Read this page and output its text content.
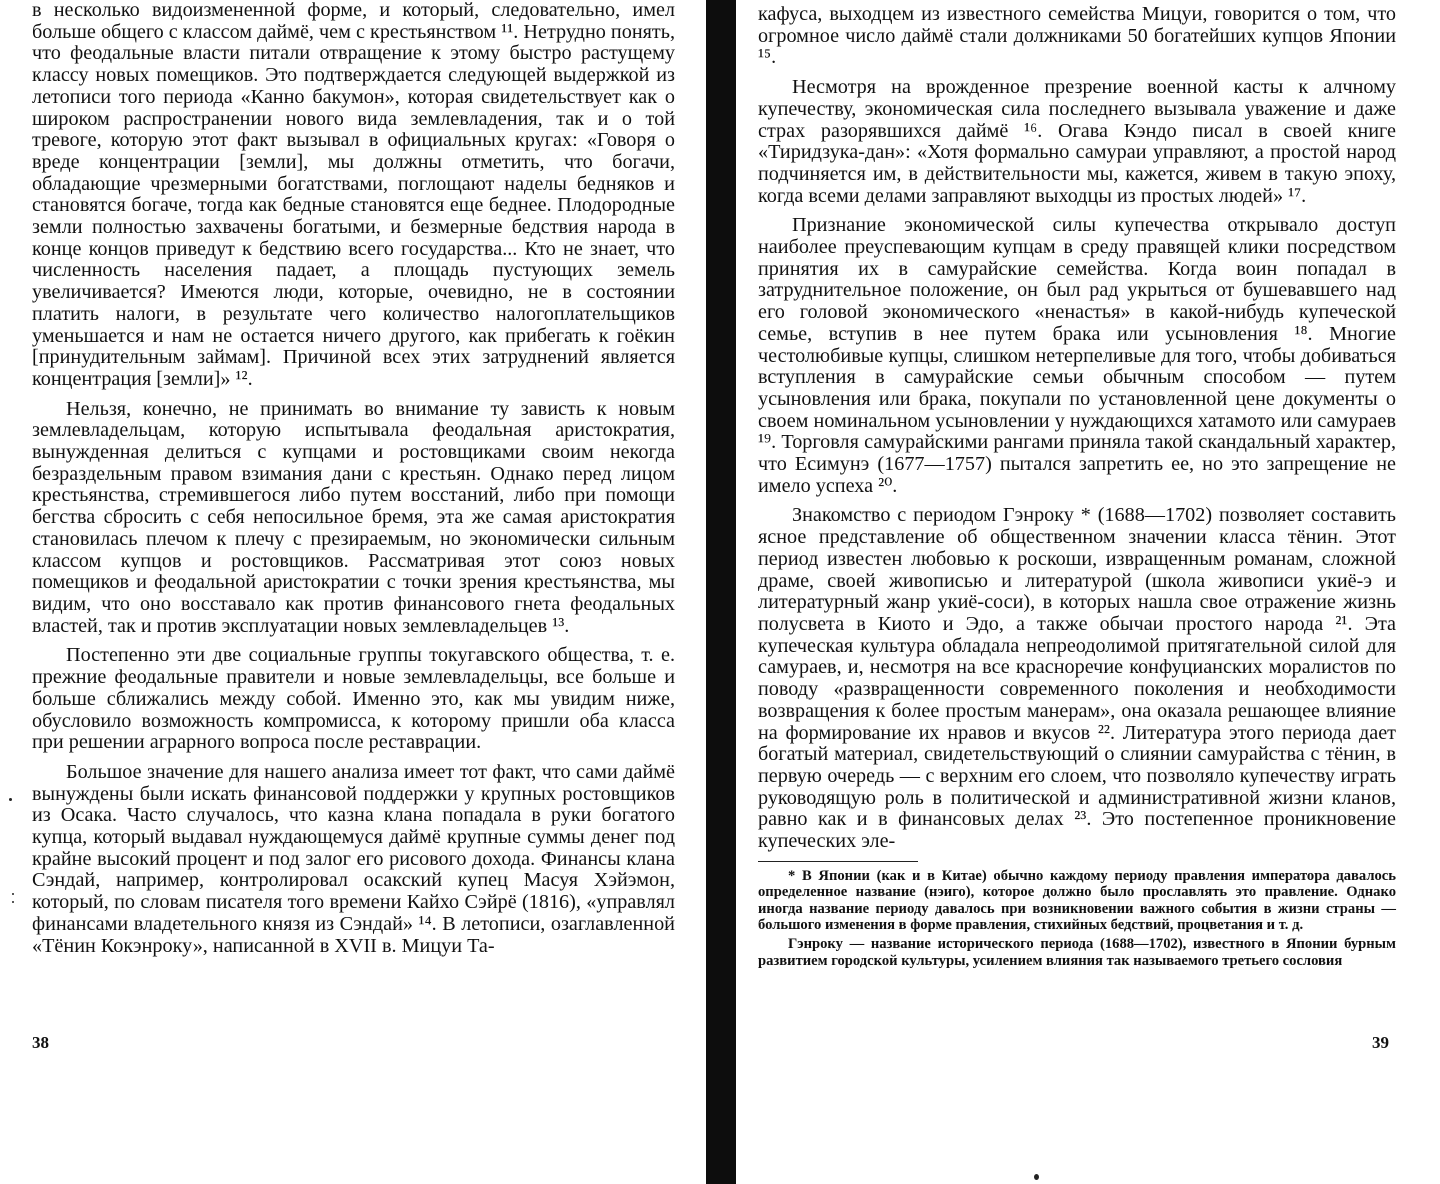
в несколько видоизмененной форме, и который, следовательно, имел больше общего с классом даймё, чем с крестьянством ¹¹. Нетрудно понять, что феодальные власти питали отвращение к этому быстро растущему классу новых помещиков. Это подтверждается следующей выдержкой из летописи того периода «Канно бакумон», которая свидетельствует как о широком распространении нового вида землевладения, так и о той тревоге, которую этот факт вызывал в официальных кругах: «Говоря о вреде концентрации [земли], мы должны отметить, что богачи, обладающие чрезмерными богатствами, поглощают наделы бедняков и становятся богаче, тогда как бедные становятся еще беднее. Плодородные земли полностью захвачены богатыми, и безмерные бедствия народа в конце концов приведут к бедствию всего государства... Кто не знает, что численность населения падает, а площадь пустующих земель увеличивается? Имеются люди, которые, очевидно, не в состоянии платить налоги, в результате чего количество налогоплательщиков уменьшается и нам не остается ничего другого, как прибегать к гоёкин [принудительным займам]. Причиной всех этих затруднений является концентрация [земли]» ¹².

Нельзя, конечно, не принимать во внимание ту зависть к новым землевладельцам, которую испытывала феодальная аристократия, вынужденная делиться с купцами и ростовщиками своим некогда безраздельным правом взимания дани с крестьян. Однако перед лицом крестьянства, стремившегося либо путем восстаний, либо при помощи бегства сбросить с себя непосильное бремя, эта же самая аристократия становилась плечом к плечу с презираемым, но экономически сильным классом купцов и ростовщиков. Рассматривая этот союз новых помещиков и феодальной аристократии с точки зрения крестьянства, мы видим, что оно восставало как против финансового гнета феодальных властей, так и против эксплуатации новых землевладельцев ¹³.

Постепенно эти две социальные группы токугавского общества, т. е. прежние феодальные правители и новые землевладельцы, все больше и больше сближались между собой. Именно это, как мы увидим ниже, обусловило возможность компромисса, к которому пришли оба класса при решении аграрного вопроса после реставрации.

Большое значение для нашего анализа имеет тот факт, что сами даймё вынуждены были искать финансовой поддержки у крупных ростовщиков из Осака. Часто случалось, что казна клана попадала в руки богатого купца, который выдавал нуждающемуся даймё крупные суммы денег под крайне высокий процент и под залог его рисового дохода. Финансы клана Сэндай, например, контролировал осакский купец Масуя Хэйэмон, который, по словам писателя того времени Кайхо Сэйрё (1816), «управлял финансами владетельного князя из Сэндай» ¹⁴. В летописи, озаглавленной «Тёнин Кокэнроку», написанной в XVII в. Мицуи Та-

38

кафуса, выходцем из известного семейства Мицуи, говорится о том, что огромное число даймё стали должниками 50 богатейших купцов Японии ¹⁵.

Несмотря на врожденное презрение военной касты к алчному купечеству, экономическая сила последнего вызывала уважение и даже страх разорявшихся даймё ¹⁶. Огава Кэндо писал в своей книге «Тиридзука-дан»: «Хотя формально самураи управляют, а простой народ подчиняется им, в действительности мы, кажется, живем в такую эпоху, когда всеми делами заправляют выходцы из простых людей» ¹⁷.

Признание экономической силы купечества открывало доступ наиболее преуспевающим купцам в среду правящей клики посредством принятия их в самурайские семейства. Когда воин попадал в затруднительное положение, он был рад укрыться от бушевавшего над его головой экономического «ненастья» в какой-нибудь купеческой семье, вступив в нее путем брака или усыновления ¹⁸. Многие честолюбивые купцы, слишком нетерпеливые для того, чтобы добиваться вступления в самурайские семьи обычным способом — путем усыновления или брака, покупали по установленной цене документы о своем номинальном усыновлении у нуждающихся хатамото или самураев ¹⁹. Торговля самурайскими рангами приняла такой скандальный характер, что Есимунэ (1677—1757) пытался запретить ее, но это запрещение не имело успеха ²⁰.

Знакомство с периодом Гэнроку * (1688—1702) позволяет составить ясное представление об общественном значении класса тёнин. Этот период известен любовью к роскоши, извращенным романам, сложной драме, своей живописью и литературой (школа живописи укиё-э и литературный жанр укиё-соси), в которых нашла свое отражение жизнь полусвета в Киото и Эдо, а также обычаи простого народа ²¹. Эта купеческая культура обладала непреодолимой притягательной силой для самураев, и, несмотря на все красноречие конфуцианских моралистов по поводу «развращенности современного поколения и необходимости возвращения к более простым манерам», она оказала решающее влияние на формирование их нравов и вкусов ²². Литература этого периода дает богатый материал, свидетельствующий о слиянии самурайства с тёнин, в первую очередь — с верхним его слоем, что позволяло купечеству играть руководящую роль в политической и административной жизни кланов, равно как и в финансовых делах ²³. Это постепенное проникновение купеческих эле-

* В Японии (как и в Китае) обычно каждому периоду правления императора давалось определенное название (нэиго), которое должно было прославлять это правление. Однако иногда название периоду давалось при возникновении важного события в жизни страны — большого изменения в форме правления, стихийных бедствий, процветания и т. д.

Гэнроку — название исторического периода (1688—1702), известного в Японии бурным развитием городской культуры, усилением влияния так называемого третьего сословия

39
